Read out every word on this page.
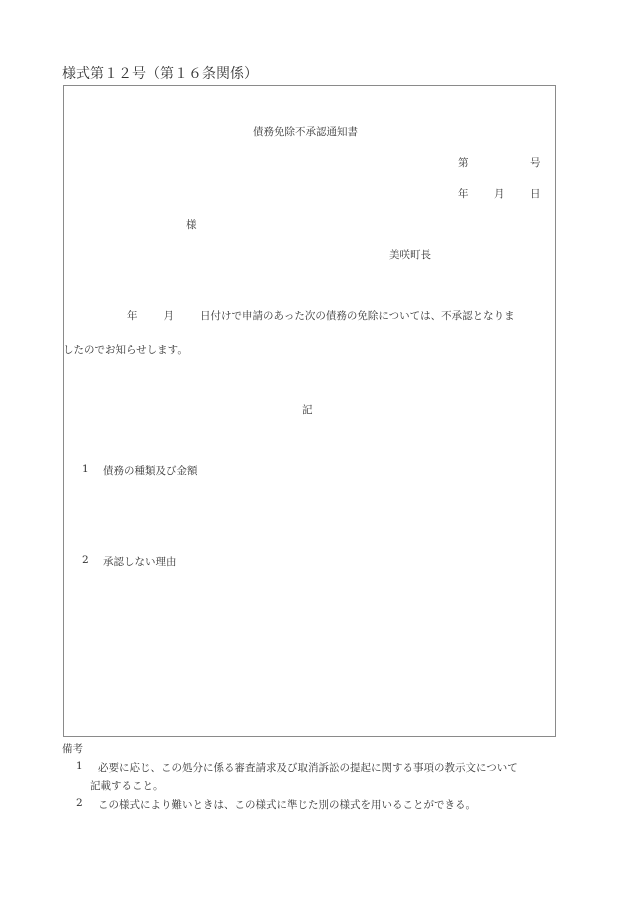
様式第１２号（第１６条関係）
債務免除不承認通知書
第	号
年 月 日
様
美咲町長
年 月 日付けで申請のあった次の債務の免除については、不承認となりま
したのでお知らせします。
記
1 債務の種類及び金額
2 承認しない理由
備考
1 必要に応じ、この処分に係る審査請求及び取消訴訟の提起に関する事項の教示文について
記載すること。
2 この様式により難いときは、この様式に準じた別の様式を用いることができる。
